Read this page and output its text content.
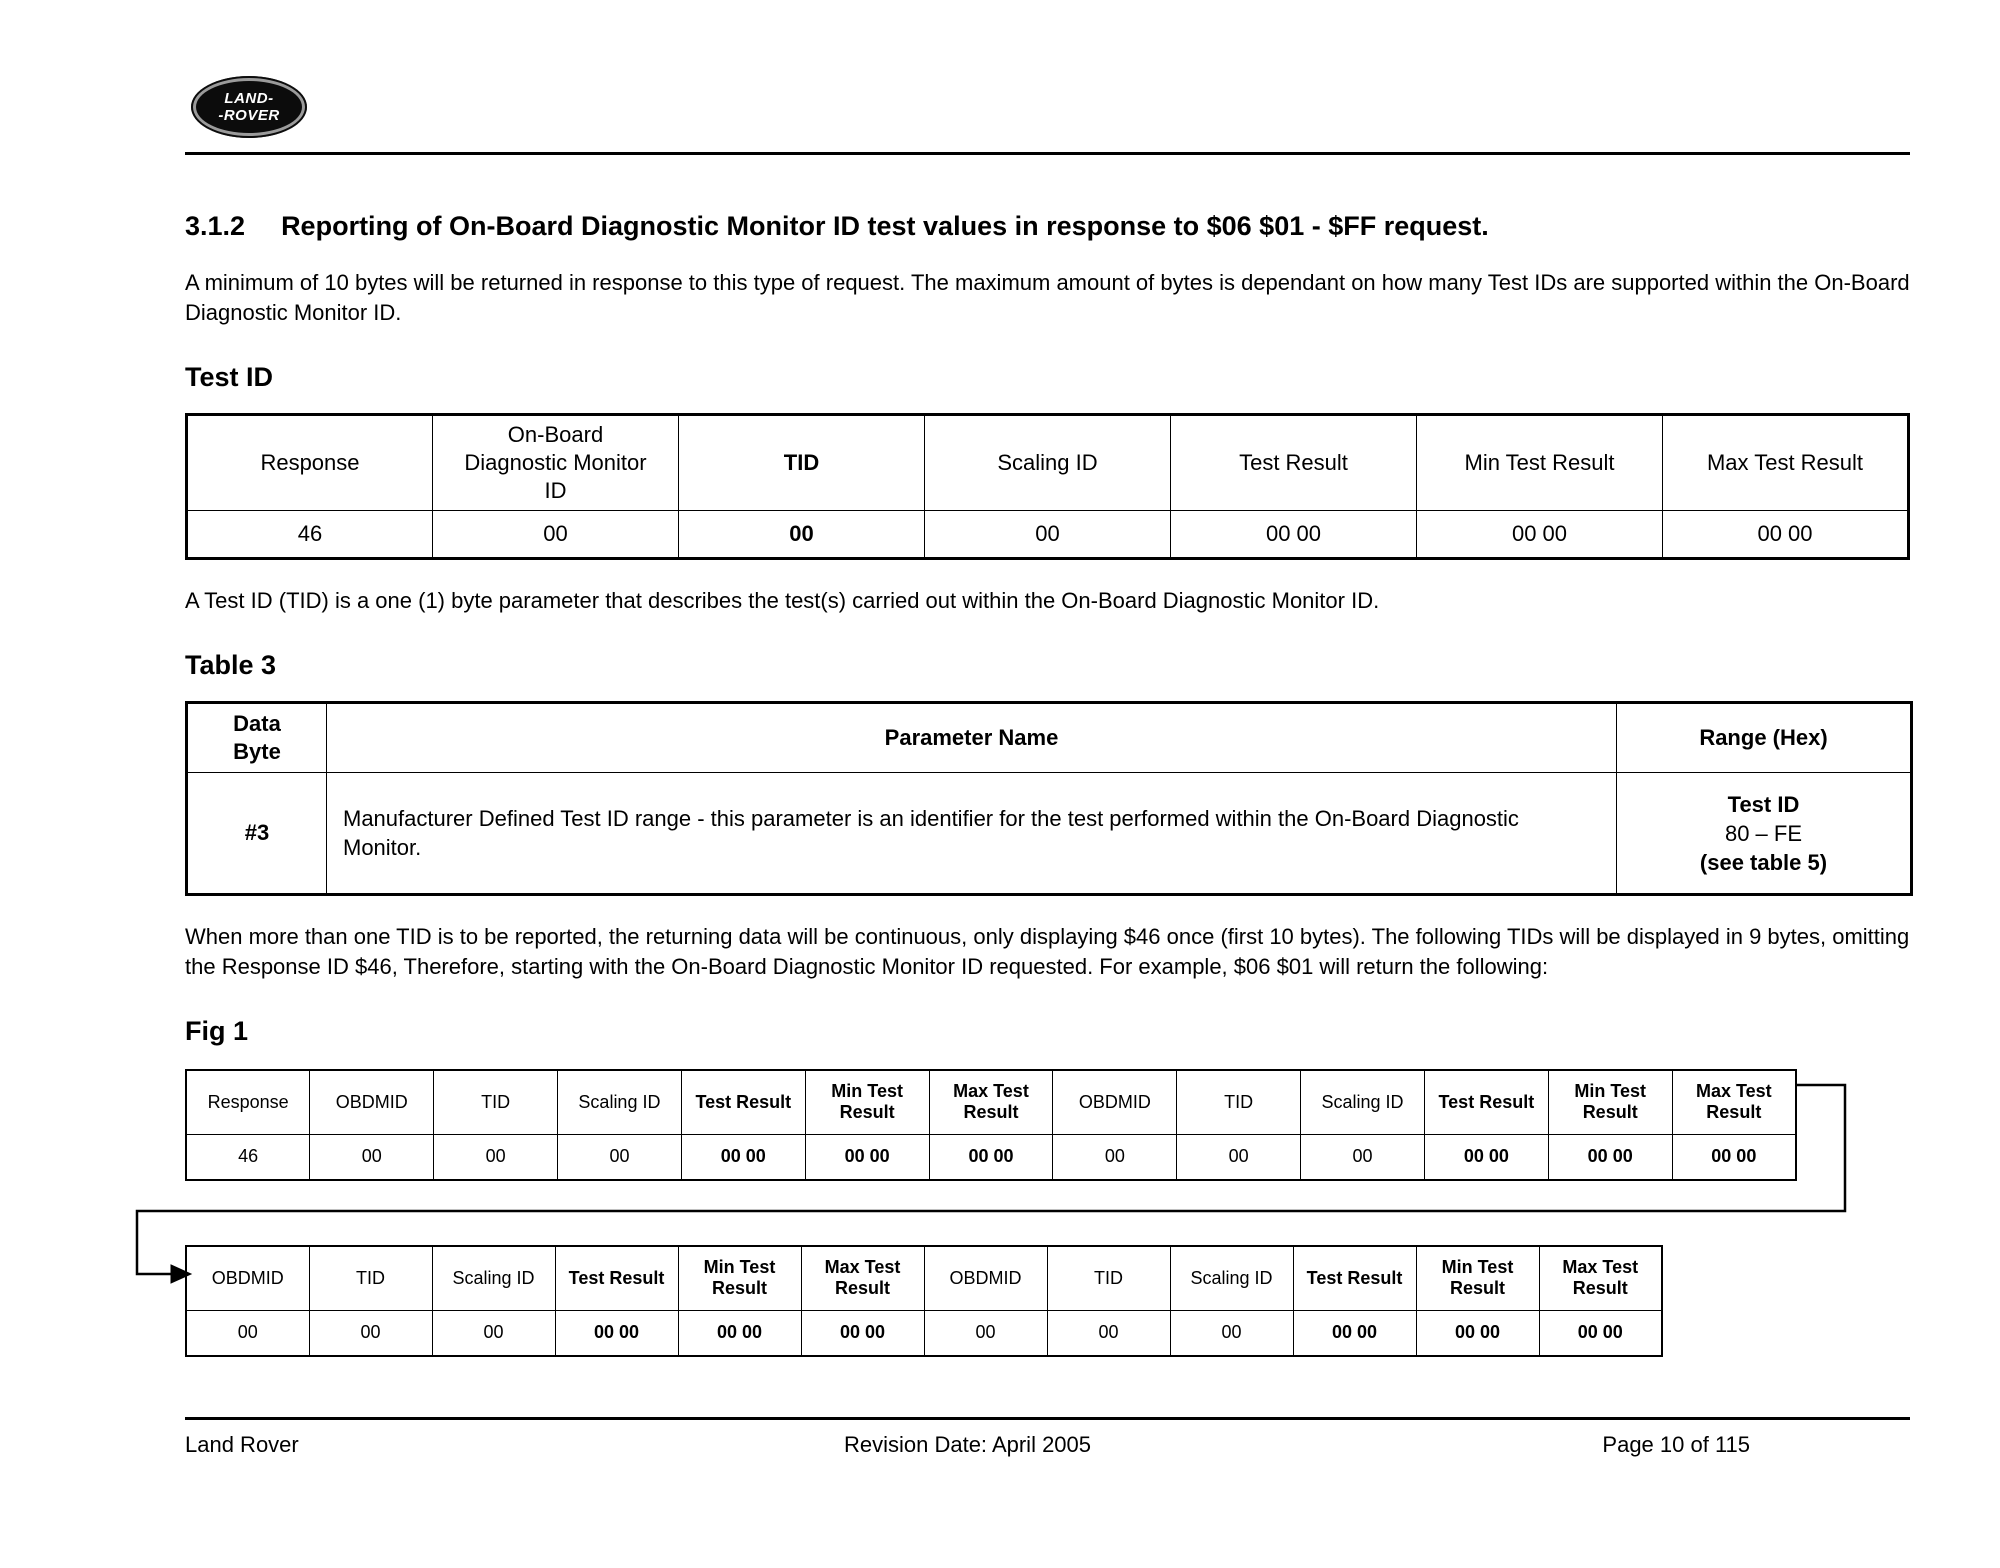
LAND-
-ROVER
3.1.2 Reporting of On-Board Diagnostic Monitor ID test values in response to $06 $01 - $FF request.

A minimum of 10 bytes will be returned in response to this type of request. The maximum amount of bytes is dependant on how many Test IDs are supported within the On-Board Diagnostic Monitor ID.

Test ID
Response	On-Board Diagnostic Monitor ID	TID	Scaling ID	Test Result	Min Test Result	Max Test Result
46	00	00	00	00 00	00 00	00 00

A Test ID (TID) is a one (1) byte parameter that describes the test(s) carried out within the On-Board Diagnostic Monitor ID.

Table 3
Data Byte	Parameter Name	Range (Hex)
#3	Manufacturer Defined Test ID range - this parameter is an identifier for the test performed within the On-Board Diagnostic Monitor.	Test ID
80 – FE
(see table 5)

When more than one TID is to be reported, the returning data will be continuous, only displaying $46 once (first 10 bytes). The following TIDs will be displayed in 9 bytes, omitting the Response ID $46, Therefore, starting with the On-Board Diagnostic Monitor ID requested. For example, $06 $01 will return the following:

Fig 1
Response	OBDMID	TID	Scaling ID	Test Result	Min Test Result	Max Test Result	OBDMID	TID	Scaling ID	Test Result	Min Test Result	Max Test Result
46	00	00	00	00 00	00 00	00 00	00	00	00	00 00	00 00	00 00
OBDMID	TID	Scaling ID	Test Result	Min Test Result	Max Test Result	OBDMID	TID	Scaling ID	Test Result	Min Test Result	Max Test Result
00	00	00	00 00	00 00	00 00	00	00	00	00 00	00 00	00 00
Land Rover	Revision Date: April 2005	Page 10 of 115
